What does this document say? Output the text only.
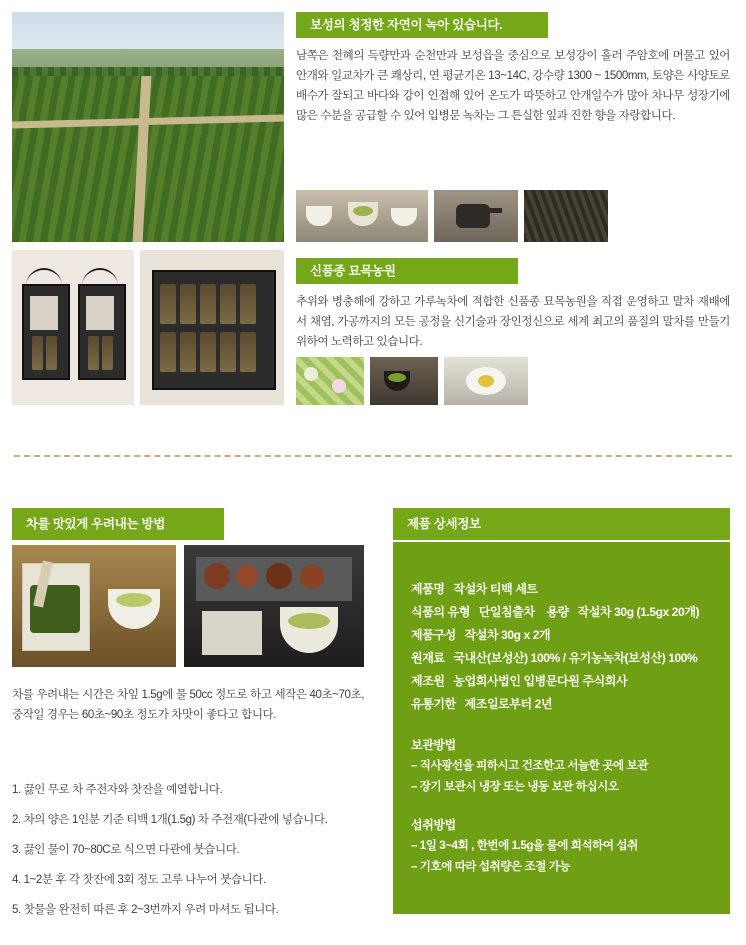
보성의 청정한 자연이 녹아 있습니다.
남쪽은 천혜의 득량만과 순천만과 보성읍을 중심으로 보성강이 흘러 주암호에 머물고 있어 안개와 일교차가 큰 쾌상리, 연 평균기온 13~14C, 강수량 1300 ~ 1500mm, 토양은 사양토로 배수가 잘되고 바다와 강이 인접해 있어 온도가 따뜻하고 안개일수가 많아 차나무 성장기에 많은 수분을 공급할 수 있어 입병문 녹차는 그 튼실한 잎과 진한 향을 자랑합니다.
신품종 묘목농원
추위와 병충해에 강하고 가루녹차에 적합한 신품종 묘목농원을 직접 운영하고 말차 재배에서 채염, 가공까지의 모든 공정을 신기술과 장인정신으로 세계 최고의 품질의 말차를 만들기 위하여 노력하고 있습니다.
차를 맛있게 우려내는 방법	제품 상세정보
차를 우려내는 시간은 차잎 1.5g에 물 50cc 정도로 하고 세작은 40초~70초, 중작일 경우는 60초~90초 정도가 차맛이 좋다고 합니다.
1. 끓인 무로 차 주전자와 찻잔을 예열합니다.
2. 차의 양은 1인분 기준 티백 1개(1.5g) 차 주전재(다관에 넣습니다.
3. 끓인 물이 70~80C로 식으면 다관에 붓습니다.
4. 1~2분 후 각 찻잔에 3회 정도 고루 나누어 붓습니다.
5. 찻물을 완전히 따른 후 2~3번까지 우려 마셔도 됩니다.
제품명 작설차 티백 세트
식품의 유형 단일침출차 용량 작설차 30g (1.5gx 20개)
제품구성 작설차 30g x 2개
원재료 국내산(보성산) 100% / 유기농녹차(보성산) 100%
제조원 농업회사법인 입병문다원 주식회사
유통기한 제조일로부터 2년
보관방법
– 직사광선을 피하시고 건조한고 서늘한 곳에 보관
– 장기 보관시 냉장 또는 냉동 보관 하십시오
섭취방법
– 1일 3~4회 , 한번에 1.5g을 물에 희석하여 섭취
– 기호에 따라 섭취량은 조절 가능
